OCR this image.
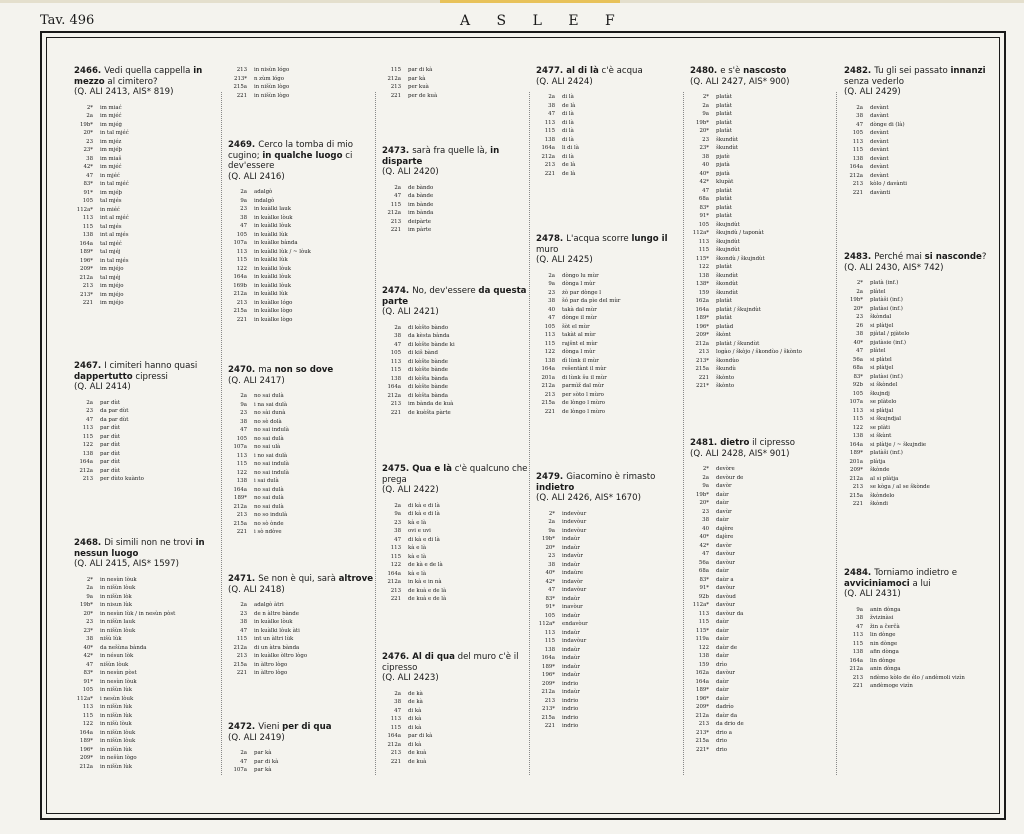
Tav. 496	A S L E F
2466. Vedi quella cappella in mezzo al cimitero?
(Q. ALI 2413, AIS* 819)
2*	im miać
2a	im mjéć
19b*	im mjéġ
20*	in tal mjéć
23	im mjéz
23*	im mjéþ
38	im miaš
42*	im mjéć
47	in mjéć
83*	in tal mjéć
91*	im mjéþ
105	tal mjés
112a*	in miéć
113	int al mjéć
115	tal mjés
138	int al mjés
164a	tal mjéć
189*	tal mjéj
196*	in tal mjés
209*	im mjéjo
212a	tal mjéj
213	im mjéjo
213*	im mjéjo
221	im mjéjo
2467. I cimiteri hanno quasi dappertutto cipressi
(Q. ALI 2414)
2a	par dùt
23	da par dùt
47	da par dùt
113	par dùt
115	par dùt
122	par dùt
138	par dùt
164a	par dùt
212a	par dùt
213	per dùto kuànto
2468. Di simili non ne trovi in nessun luogo
(Q. ALI 2415, AIS* 1597)
2*	in nesùn lòuk
2a	in nišùn lòuk
9a	in nišùn lòk
19b*	in nisun lùk
20*	in nesùn lùk / in nesùn pòst
23	in nišùn lauk
23*	in nišùn lòuk
38	nišù lùk
40*	da nešùna bànda
42*	in nésun lòk
47	nišùn lòuk
83*	in nesùn pòst
91*	in nesùn lòuk
105	in nišùn lùk
112a*	i nesùn lòuk
113	in nišùn lùk
115	in nišùn lùk
122	in nišù lòuk
164a	in nišùn lòuk
189*	in nišùn lòuk
196*	in nišùn lùk
209*	in nešùn lògo
212a	in nišùn lùk
213	in nisùn lógo
213*	n zùm lógo
215a	in nišùn lògo
221	in nišùn lògo
2469. Cerco la tomba di mio cugino; in qualche luogo ci dev'essere
(Q. ALI 2416)
2a	adalgò
9a	indalgò
23	in kuàlki lauk
38	in kuàlke lòuk
47	in kuàlki lòuk
105	in kuàlki lùk
107a	in kuàlke bànda
113	in kuàlki lùk / ~ lòuk
115	in kuàlki lùk
122	in kuàlki lòuk
164a	in kuàlki lòuk
169b	in kuàlki lòuk
212a	in kuàlki lùk
213	in kuàlke lógo
215a	in kuàlke lògo
221	in kuàlke lògo
2470. ma non so dove
(Q. ALI 2417)
2a	no sai dulà
9a	i na sai dulà
23	no sài dunà
38	no sè dolà
47	no sai indulà
105	no sai dulà
107a	no sai ulà
113	i no sai dulà
115	no sai indulà
122	no sai indulà
138	i sai dulà
164a	no sai dulà
189*	no sai dulà
212a	no sai dulà
213	no so indulà
215a	no sò ònde
221	i sò ndòve
2471. Se non è qui, sarà altrove
(Q. ALI 2418)
2a	adalgò àtri
23	de n àltre bànde
38	in kuàlke lòuk
47	in kuàlki lòuk àti
115	int un àltri lùk
212a	di un àtra bànda
213	in kuàlke òltro lògo
215a	in àltro lògo
221	in àltro lògo
2472. Vieni per di qua
(Q. ALI 2419)
2a	par kà
47	par di kà
107a	par kà
115	par di kà
212a	par kà
213	per kuà
221	per de kuà
2473. sarà fra quelle là, in disparte
(Q. ALI 2420)
2a	de bàndo
47	da bànde
115	im bànde
212a	im bànda
213	deipàrte
221	im pàrte
2474. No, dev'essere da questa parte
(Q. ALI 2421)
2a	di kèšto bàndo
38	da kèsta bànda
47	di kèšte bànde ki
105	di kiš bànd
113	di kèšte bànde
115	di kèšte bànde
138	di kèšta bànda
164a	di kèšte bànde
212a	di kèšta bànda
213	im bànda de kuà
221	de kuèšta pàrte
2475. Qua e là c'è qualcuno che prega
(Q. ALI 2422)
2a	di kà e di là
9a	di kà e di là
23	kà e là
38	ovi e uvi
47	di kà e di là
113	kà e là
115	kà e là
122	de kà e de là
164a	kà e là
212a	in kà e in nà
213	de kuà e de là
221	de kuà e de là
2476. Al di qua del muro c'è il cipresso
(Q. ALI 2423)
2a	de kà
38	de kà
47	di kà
113	di kà
115	di kà
164a	par di kà
212a	di kà
213	de kuà
221	de kuà
2477. al di là c'è acqua
(Q. ALI 2424)
2a	di là
38	de là
47	di là
113	di là
115	di là
138	di là
164a	li di là
212a	di là
213	de là
221	de là
2478. L'acqua scorre lungo il muro
(Q. ALI 2425)
2a	dòngo lu mùr
9a	dònga l mùr
23	żò par dònge l
38	šó par da pìe del mùr
40	takà dal mùr
47	dònge il mùr
105	šòt el mùr
113	takàt al mùr
115	rajšnt el mùr
122	dònga l mùr
138	dì lùnk il mùr
164a	rešentànt il mùr
201a	di lùnk šu il mùr
212a	parmìž dal mùr
213	per sòto l mùro
215a	de lòngo l mùro
221	de lòngo l mùro
2479. Giacomino è rimasto indietro
(Q. ALI 2426, AIS* 1670)
2*	indevòur
2a	indevòur
9a	indevòur
19b*	indaùr
20*	indaùr
23	indavùr
38	indaùr
40*	indaùre
42*	indavòr
47	indavòur
83*	indaùr
91*	inavòur
105	indaùr
112a*	endavòur
113	indaùr
115	indavòur
138	indaùr
164a	indaùr
189*	indaùr
196*	indaùr
209*	indrio
212a	indaùr
213	indrio
213*	indrio
215a	indrio
221	indrio
2480. e s'è nascosto
(Q. ALI 2427, AIS* 900)
2*	platàt
2a	platàt
9a	platàt
19b*	platàt
20*	platàt
23	škundùt
23*	škundùt
38	pjatè
40	pjatà
40*	pjatà
42*	klupàt
47	platàt
68a	platàt
83*	platàt
91*	platàt
105	škujndùt
112a*	škujndù / taponàt
113	škujndùt
115	škujndùt
115*	škondù / škujndùt
122	platàt
138	škundùt
138*	škondùt
159	škundùt
162a	platàt
164a	platàt / škujndùt
189*	platàt
196*	platàd
209*	škònt
212a	platàt / škundùt
213	logào / škòjo / škondùo / škònto
213*	škondùo
215a	škundù
221	škònto
221*	škònto
2481. dietro il cipresso
(Q. ALI 2428, AIS* 901)
2*	devòre
2a	devòur de
9a	davòr
19b*	daùr
20*	daùr
23	davùr
38	daùr
40	dajère
40*	dajère
42*	davòr
47	davòur
56a	davòur
68a	daùr
83*	daùr a
91*	davòur
92b	davòud
112a*	davòur
113	davòur da
115	daùr
115*	daùr
119a	daùr
122	daùr de
138	daùr
159	drìo
162a	davòur
164a	daùr
189*	daùr
196*	daùr
209*	dadrìo
212a	daùr da
213	da drio de
213*	drio a
215a	drio
221*	drio
2482. Tu gli sei passato innanzi senza vederlo
(Q. ALI 2429)
2a	devànt
38	davànt
47	dònge di (là)
105	devànt
113	devànt
115	devànt
138	devànt
164a	devànt
212a	devànt
213	kòlo / davànti
221	davànti
2483. Perché mai si nasconde?
(Q. ALI 2430, AIS* 742)
2*	platà (inf.)
2a	plàtel
19b*	platàši (inf.)
20*	platàsi (inf.)
23	škòndal
26	si plàtjel
38	pjàtal / pjàtelo
40*	pjatàsie (inf.)
47	plàtel
56a	si plàtel
68a	si plàtjel
83*	platàsi (inf.)
92b	si škòndel
105	škujndj
107a	se plàtelo
113	si plàtjal
115	si škujndjal
122	se plàti
138	si škùnt
164a	si plàtje / ~ škujndie
189*	platàši (inf.)
201a	plàtja
209*	škònde
212a	al si plàtja
213	se kòga / al se škònde
215a	škòndelo
221	škòndi
2484. Torniamo indietro e avviciniamoci a lui
(Q. ALI 2431)
9a	anin dònga
38	žvizinàsi
47	žin a čerčà
113	lin dònge
115	nin dònge
138	afin dònga
164a	lin dònge
212a	anin dònga
213	ndèmo kòlo de élo / andèmoli vizìn
221	andèmoge vizìn
